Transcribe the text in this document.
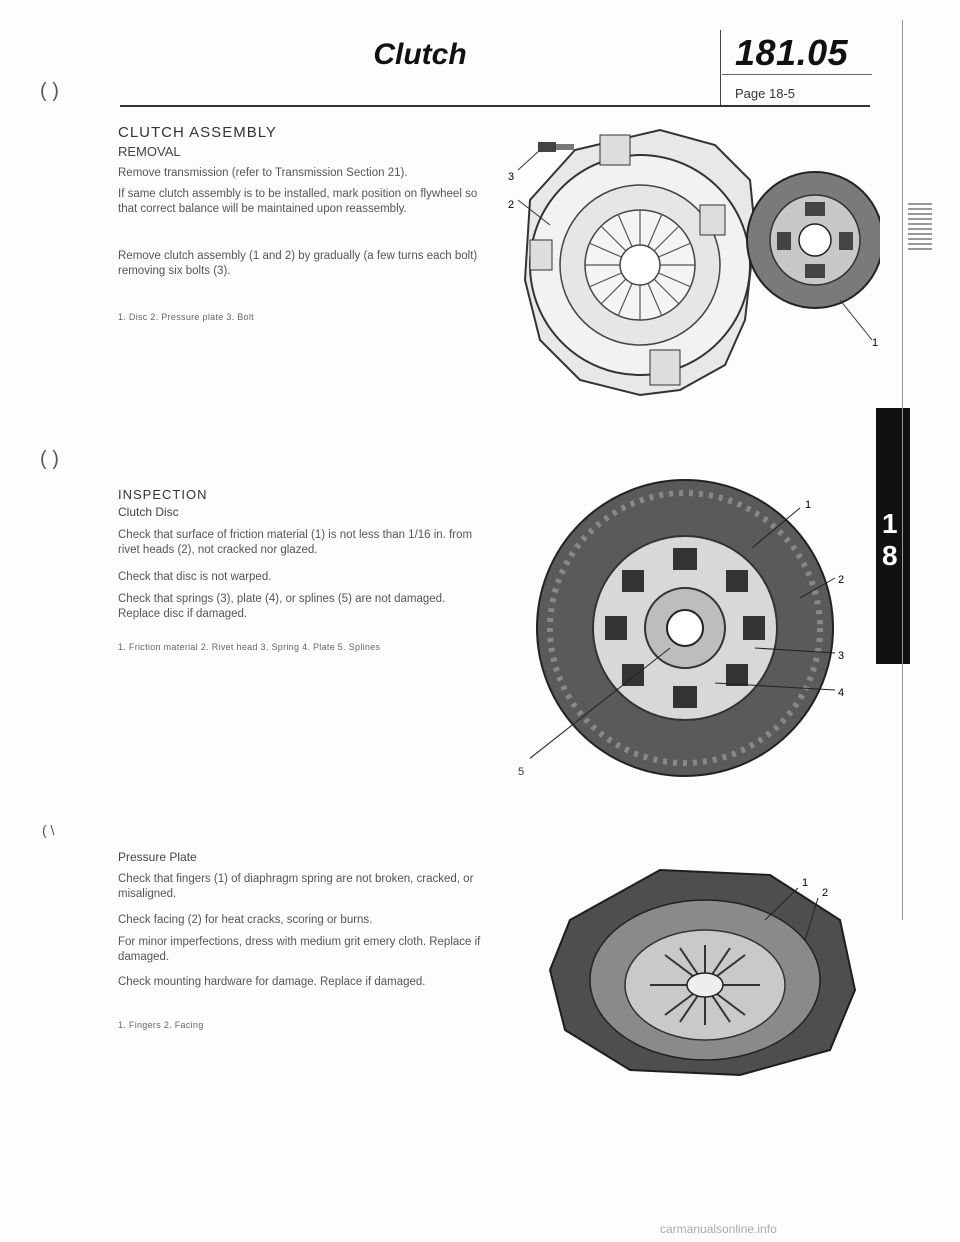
Clutch	181.05
Page 18-5
( )
( )
( \
CLUTCH ASSEMBLY
REMOVAL
Remove transmission (refer to Transmission Section 21).
If same clutch assembly is to be installed, mark position on flywheel so that correct balance will be maintained upon reassembly.
Remove clutch assembly (1 and 2) by gradually (a few turns each bolt) removing six bolts (3).
1. Disc 2. Pressure plate 3. Bolt
3
2
1
INSPECTION
Clutch Disc
Check that surface of friction material (1) is not less than 1/16 in. from rivet heads (2), not cracked nor glazed.
Check that disc is not warped.
Check that springs (3), plate (4), or splines (5) are not damaged. Replace disc if damaged.
1. Friction material 2. Rivet head 3. Spring 4. Plate 5. Splines
1
2
3
4
5
1
8
Pressure Plate
Check that fingers (1) of diaphragm spring are not broken, cracked, or misaligned.
Check facing (2) for heat cracks, scoring or burns.
For minor imperfections, dress with medium grit emery cloth. Replace if damaged.
Check mounting hardware for damage. Replace if damaged.
1. Fingers 2. Facing
1
2
carmanualsonline.info
